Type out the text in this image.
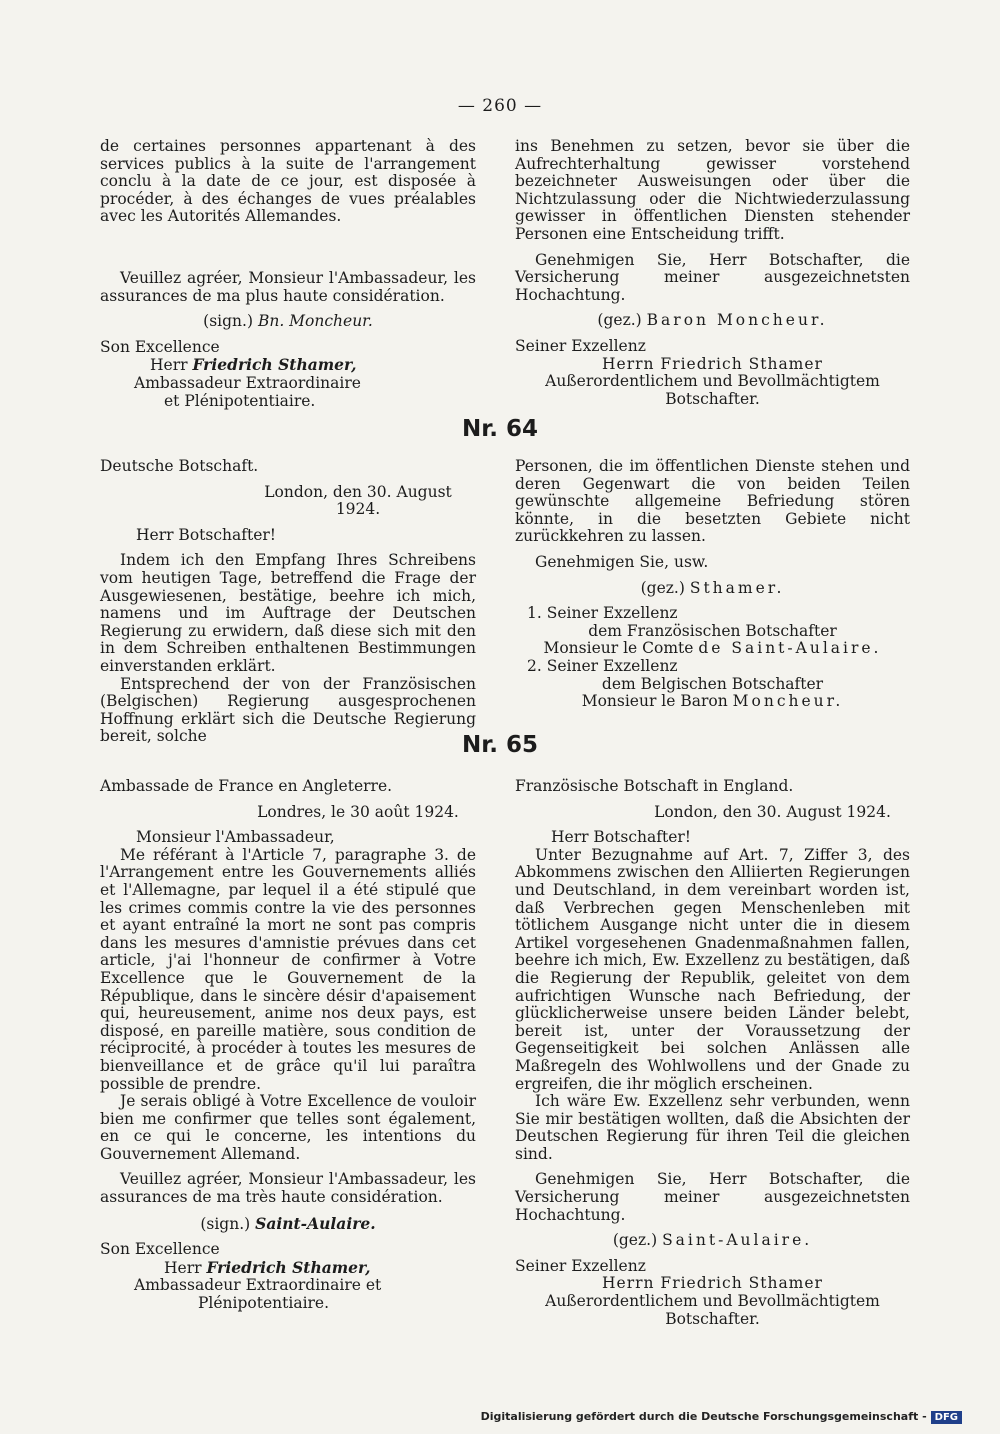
— 260 —

de certaines personnes appartenant à des services publics à la suite de l'arrangement conclu à la date de ce jour, est disposée à procéder, à des échanges de vues préalables avec les Autorités Allemandes.

Veuillez agréer, Monsieur l'Ambassadeur, les assurances de ma plus haute considération.

(sign.) Bn. Moncheur.

Son Excellence

Herr Friedrich Sthamer,

Ambassadeur Extraordinaire

et Plénipotentiaire.

ins Benehmen zu setzen, bevor sie über die Aufrechterhaltung gewisser vorstehend bezeichneter Ausweisungen oder über die Nichtzulassung oder die Nichtwiederzulassung gewisser in öffentlichen Diensten stehender Personen eine Entscheidung trifft.

Genehmigen Sie, Herr Botschafter, die Versicherung meiner ausgezeichnetsten Hochachtung.

(gez.) Baron Moncheur.

Seiner Exzellenz

Herrn Friedrich Sthamer

Außerordentlichem und Bevollmächtigtem

Botschafter.

Nr. 64

Deutsche Botschaft.

London, den 30. August 1924.

Herr Botschafter!

Indem ich den Empfang Ihres Schreibens vom heutigen Tage, betreffend die Frage der Ausgewiesenen, bestätige, beehre ich mich, namens und im Auftrage der Deutschen Regierung zu erwidern, daß diese sich mit den in dem Schreiben enthaltenen Bestimmungen einverstanden erklärt.

Entsprechend der von der Französischen (Belgischen) Regierung ausgesprochenen Hoffnung erklärt sich die Deutsche Regierung bereit, solche

Personen, die im öffentlichen Dienste stehen und deren Gegenwart die von beiden Teilen gewünschte allgemeine Befriedung stören könnte, in die besetzten Gebiete nicht zurückkehren zu lassen.

Genehmigen Sie, usw.

(gez.) Sthamer.

1. Seiner Exzellenz

dem Französischen Botschafter

Monsieur le Comte de Saint-Aulaire.

2. Seiner Exzellenz

dem Belgischen Botschafter

Monsieur le Baron Moncheur.

Nr. 65

Ambassade de France en Angleterre.

Londres, le 30 août 1924.

Monsieur l'Ambassadeur,

Me référant à l'Article 7, paragraphe 3. de l'Arrangement entre les Gouvernements alliés et l'Allemagne, par lequel il a été stipulé que les crimes commis contre la vie des personnes et ayant entraîné la mort ne sont pas compris dans les mesures d'amnistie prévues dans cet article, j'ai l'honneur de confirmer à Votre Excellence que le Gouvernement de la République, dans le sincère désir d'apaisement qui, heureusement, anime nos deux pays, est disposé, en pareille matière, sous condition de réciprocité, à procéder à toutes les mesures de bienveillance et de grâce qu'il lui paraîtra possible de prendre.

Je serais obligé à Votre Excellence de vouloir bien me confirmer que telles sont également, en ce qui le concerne, les intentions du Gouvernement Allemand.

Veuillez agréer, Monsieur l'Ambassadeur, les assurances de ma très haute considération.

(sign.) Saint-Aulaire.

Son Excellence

Herr Friedrich Sthamer,

Ambassadeur Extraordinaire et

Plénipotentiaire.

Französische Botschaft in England.

London, den 30. August 1924.

Herr Botschafter!

Unter Bezugnahme auf Art. 7, Ziffer 3, des Abkommens zwischen den Alliierten Regierungen und Deutschland, in dem vereinbart worden ist, daß Verbrechen gegen Menschenleben mit tötlichem Ausgange nicht unter die in diesem Artikel vorgesehenen Gnadenmaßnahmen fallen, beehre ich mich, Ew. Exzellenz zu bestätigen, daß die Regierung der Republik, geleitet von dem aufrichtigen Wunsche nach Befriedung, der glücklicherweise unsere beiden Länder belebt, bereit ist, unter der Voraussetzung der Gegenseitigkeit bei solchen Anlässen alle Maßregeln des Wohlwollens und der Gnade zu ergreifen, die ihr möglich erscheinen.

Ich wäre Ew. Exzellenz sehr verbunden, wenn Sie mir bestätigen wollten, daß die Absichten der Deutschen Regierung für ihren Teil die gleichen sind.

Genehmigen Sie, Herr Botschafter, die Versicherung meiner ausgezeichnetsten Hochachtung.

(gez.) Saint-Aulaire.

Seiner Exzellenz

Herrn Friedrich Sthamer

Außerordentlichem und Bevollmächtigtem

Botschafter.

Digitalisierung gefördert durch die Deutsche Forschungsgemeinschaft - DFG
